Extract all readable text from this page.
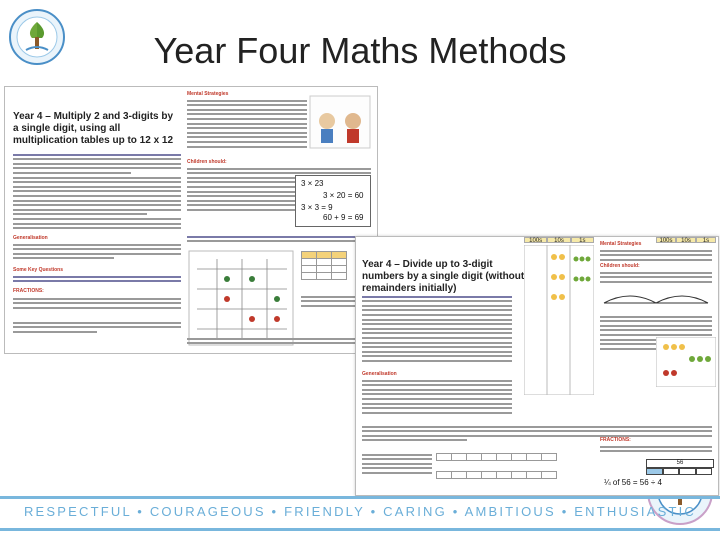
Year Four Maths Methods
Year 4 – Multiply 2 and 3-digits by a single digit, using all multiplication tables up to 12 x 12
Generalisation
Some Key Questions
FRACTIONS:
Mental Strategies
Children should:
3 × 23
3 × 20 = 60
3 × 3 = 9
60 + 9 = 69

Year 4 – Divide up to 3-digit numbers by a single digit (without remainders initially)
Generalisation

100s	10s	1s	Mental Strategies
Children should:
100s	10s	1s
FRACTIONS:
56
¼ of 56 = 56 ÷ 4
RESPECTFUL • COURAGEOUS • FRIENDLY • CARING • AMBITIOUS • ENTHUSIASTIC
